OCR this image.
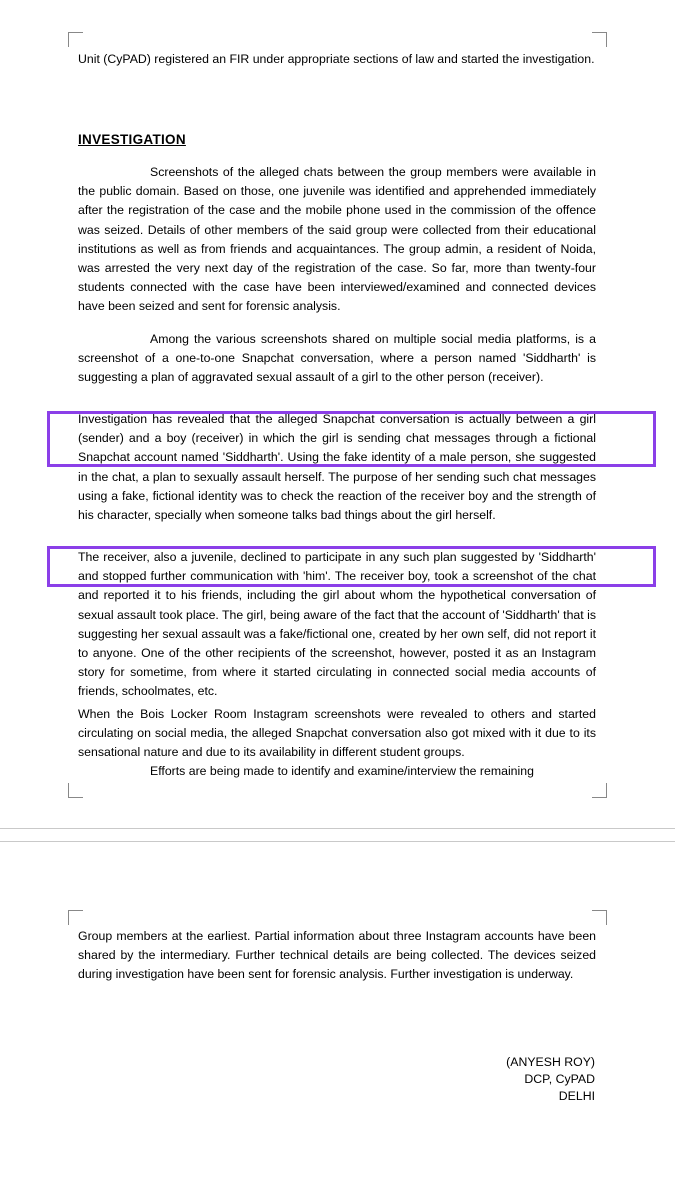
Unit (CyPAD) registered an FIR under appropriate sections of law and started the investigation.

INVESTIGATION

Screenshots of the alleged chats between the group members were available in the public domain. Based on those, one juvenile was identified and apprehended immediately after the registration of the case and the mobile phone used in the commission of the offence was seized. Details of other members of the said group were collected from their educational institutions as well as from friends and acquaintances. The group admin, a resident of Noida, was arrested the very next day of the registration of the case. So far, more than twenty-four students connected with the case have been interviewed/examined and connected devices have been seized and sent for forensic analysis.

Among the various screenshots shared on multiple social media platforms, is a screenshot of a one-to-one Snapchat conversation, where a person named 'Siddharth' is suggesting a plan of aggravated sexual assault of a girl to the other person (receiver).

Investigation has revealed that the alleged Snapchat conversation is actually between a girl (sender) and a boy (receiver) in which the girl is sending chat messages through a fictional Snapchat account named 'Siddharth'. Using the fake identity of a male person, she suggested in the chat, a plan to sexually assault herself. The purpose of her sending such chat messages using a fake, fictional identity was to check the reaction of the receiver boy and the strength of his character, specially when someone talks bad things about the girl herself.

The receiver, also a juvenile, declined to participate in any such plan suggested by 'Siddharth' and stopped further communication with 'him'. The receiver boy, took a screenshot of the chat and reported it to his friends, including the girl about whom the hypothetical conversation of sexual assault took place. The girl, being aware of the fact that the account of 'Siddharth' that is suggesting her sexual assault was a fake/fictional one, created by her own self, did not report it to anyone. One of the other recipients of the screenshot, however, posted it as an Instagram story for sometime, from where it started circulating in connected social media accounts of friends, schoolmates, etc.

When the Bois Locker Room Instagram screenshots were revealed to others and started circulating on social media, the alleged Snapchat conversation also got mixed with it due to its sensational nature and due to its availability in different student groups.

Efforts are being made to identify and examine/interview the remaining

Group members at the earliest. Partial information about three Instagram accounts have been shared by the intermediary. Further technical details are being collected. The devices seized during investigation have been sent for forensic analysis. Further investigation is underway.

(ANYESH ROY)
DCP, CyPAD
DELHI
